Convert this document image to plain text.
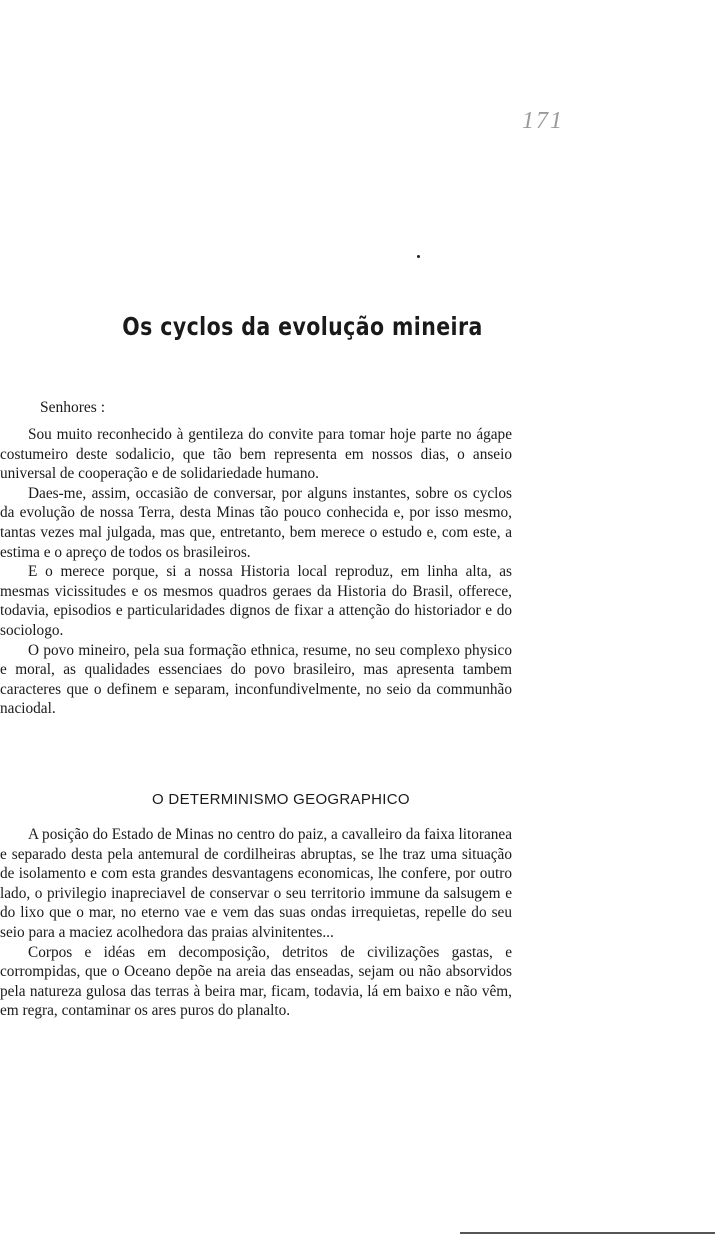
171
Os cyclos da evolução mineira
Senhores :

Sou muito reconhecido à gentileza do convite para tomar hoje parte no ágape costumeiro deste sodalicio, que tão bem representa em nossos dias, o anseio universal de cooperação e de solidariedade humano.

Daes-me, assim, occasião de conversar, por alguns instantes, sobre os cyclos da evolução de nossa Terra, desta Minas tão pouco conhecida e, por isso mesmo, tantas vezes mal julgada, mas que, entretanto, bem merece o estudo e, com este, a estima e o apreço de todos os brasileiros.

E o merece porque, si a nossa Historia local reproduz, em linha alta, as mesmas vicissitudes e os mesmos quadros geraes da Historia do Brasil, offerece, todavia, episodios e particularidades dignos de fixar a attenção do historiador e do sociologo.

O povo mineiro, pela sua formação ethnica, resume, no seu complexo physico e moral, as qualidades essenciaes do povo brasileiro, mas apresenta tambem caracteres que o definem e separam, inconfundivelmente, no seio da communhão naciodal.

O DETERMINISMO GEOGRAPHICO

A posição do Estado de Minas no centro do paiz, a cavalleiro da faixa litoranea e separado desta pela antemural de cordilheiras abruptas, se lhe traz uma situação de isolamento e com esta grandes desvantagens economicas, lhe confere, por outro lado, o privilegio inapreciavel de conservar o seu territorio immune da salsugem e do lixo que o mar, no eterno vae e vem das suas ondas irrequietas, repelle do seu seio para a maciez acolhedora das praias alvinitentes...

Corpos e idéas em decomposição, detritos de civilizações gastas, e corrompidas, que o Oceano depõe na areia das enseadas, sejam ou não absorvidos pela natureza gulosa das terras à beira mar, ficam, todavia, lá em baixo e não vêm, em regra, contaminar os ares puros do planalto.
